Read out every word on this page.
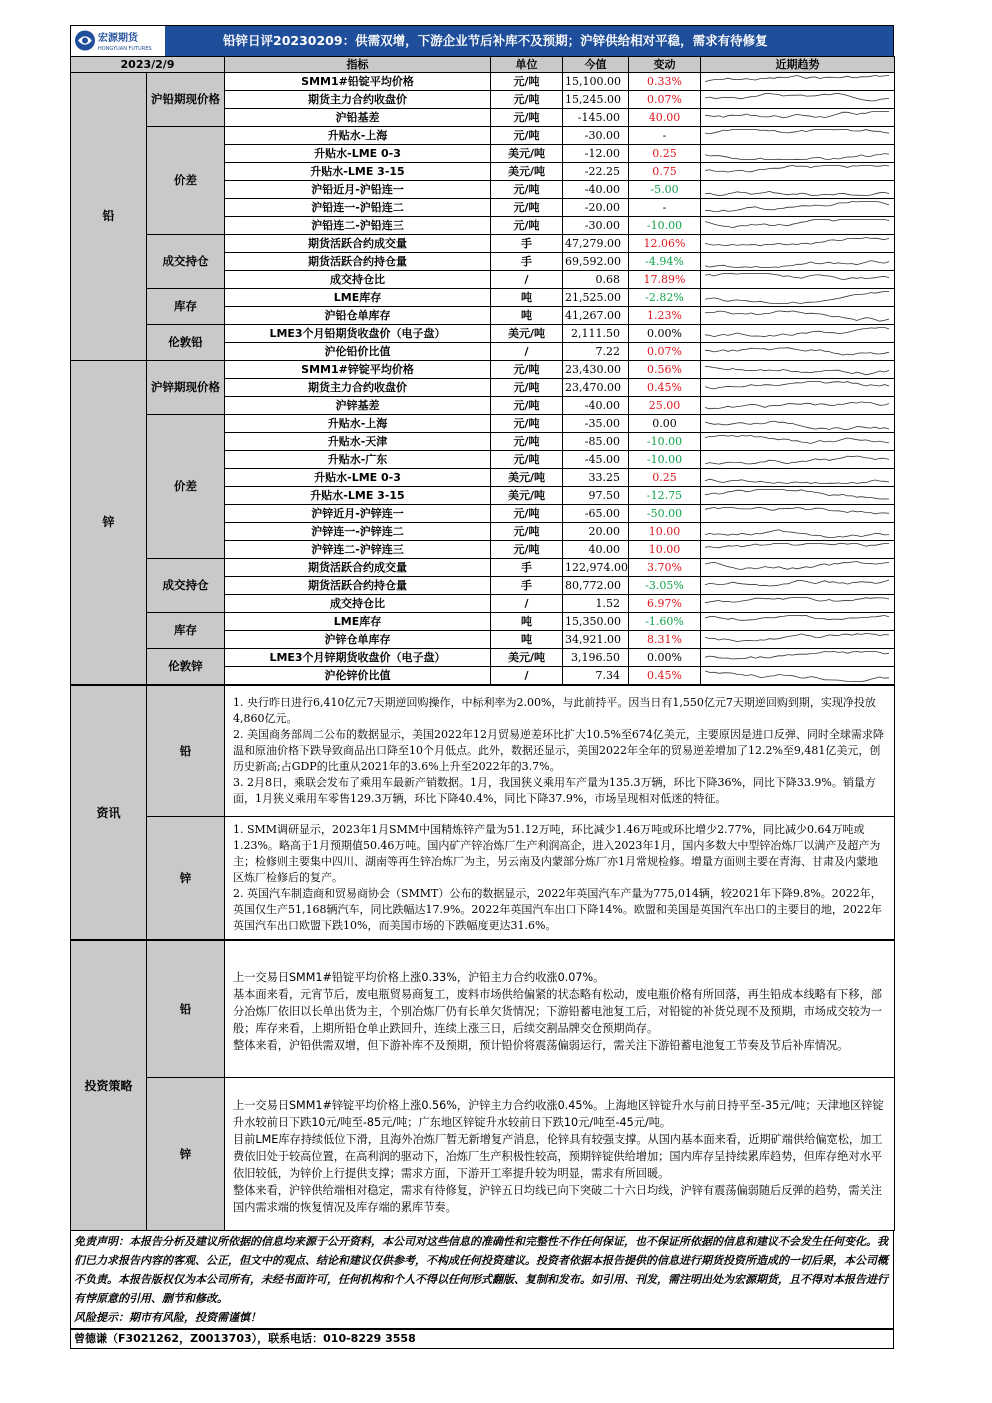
宏源期货
HONGYUAN FUTURES
铅锌日评20230209：供需双增，下游企业节后补库不及预期；沪锌供给相对平稳，需求有待修复
2023/2/9		指标	单位	今值	变动	近期趋势
铅	沪铅期现价格	SMM1#铅锭平均价格	元/吨	15,100.00	0.33%	

		期货主力合约收盘价	元/吨	15,245.00	0.07%	

		沪铅基差	元/吨	-145.00	40.00	

	价差	升贴水-上海	元/吨	-30.00	-	

		升贴水-LME 0-3	美元/吨	-12.00	0.25	

		升贴水-LME 3-15	美元/吨	-22.25	0.75	

		沪铅近月-沪铅连一	元/吨	-40.00	-5.00	

		沪铅连一-沪铅连二	元/吨	-20.00	-	

		沪铅连二-沪铅连三	元/吨	-30.00	-10.00	

	成交持仓	期货活跃合约成交量	手	47,279.00	12.06%	

		期货活跃合约持仓量	手	69,592.00	-4.94%	

		成交持仓比	/	0.68	17.89%	

	库存	LME库存	吨	21,525.00	-2.82%	

		沪铅仓单库存	吨	41,267.00	1.23%	

	伦敦铅	LME3个月铅期货收盘价（电子盘）	美元/吨	2,111.50	0.00%	

		沪伦铅价比值	/	7.22	0.07%	

锌	沪锌期现价格	SMM1#锌锭平均价格	元/吨	23,430.00	0.56%	

		期货主力合约收盘价	元/吨	23,470.00	0.45%	

		沪锌基差	元/吨	-40.00	25.00	

	价差	升贴水-上海	元/吨	-35.00	0.00	

		升贴水-天津	元/吨	-85.00	-10.00	

		升贴水-广东	元/吨	-45.00	-10.00	

		升贴水-LME 0-3	美元/吨	33.25	0.25	

		升贴水-LME 3-15	美元/吨	97.50	-12.75	

		沪锌近月-沪锌连一	元/吨	-65.00	-50.00	

		沪锌连一-沪锌连二	元/吨	20.00	10.00	

		沪锌连二-沪锌连三	元/吨	40.00	10.00	

	成交持仓	期货活跃合约成交量	手	122,974.00	3.70%	

		期货活跃合约持仓量	手	80,772.00	-3.05%	

		成交持仓比	/	1.52	6.97%	

	库存	LME库存	吨	15,350.00	-1.60%	

		沪锌仓单库存	吨	34,921.00	8.31%	

	伦敦锌	LME3个月锌期货收盘价（电子盘）	美元/吨	3,196.50	0.00%	

		沪伦锌价比值	/	7.34	0.45%	
资讯	铅	1. 央行昨日进行6,410亿元7天期逆回购操作，中标利率为2.00%，与此前持平。因当日有1,550亿元7天期逆回购到期，实现净投放4,860亿元。

2. 美国商务部周二公布的数据显示，美国2022年12月贸易逆差环比扩大10.5%至674亿美元，主要原因是进口反弹、同时全球需求降温和原油价格下跌导致商品出口降至10个月低点。此外，数据还显示，美国2022年全年的贸易逆差增加了12.2%至9,481亿美元，创历史新高;占GDP的比重从2021年的3.6%上升至2022年的3.7%。

3. 2月8日，乘联会发布了乘用车最新产销数据。1月，我国狭义乘用车产量为135.3万辆，环比下降36%，同比下降33.9%。销量方面，1月狭义乘用车零售129.3万辆，环比下降40.4%，同比下降37.9%，市场呈现相对低迷的特征。

	锌	1. SMM调研显示，2023年1月SMM中国精炼锌产量为51.12万吨，环比减少1.46万吨或环比增少2.77%，同比减少0.64万吨或1.23%。略高于1月预期值50.46万吨。国内矿产锌冶炼厂生产利润高企，进入2023年1月，国内多数大中型锌冶炼厂以满产及超产为主；检修则主要集中四川、湖南等再生锌冶炼厂为主，另云南及内蒙部分炼厂亦1月常规检修。增量方面则主要在青海、甘肃及内蒙地区炼厂检修后的复产。

2. 英国汽车制造商和贸易商协会（SMMT）公布的数据显示，2022年英国汽车产量为775,014辆，较2021年下降9.8%。2022年，英国仅生产51,168辆汽车，同比跌幅达17.9%。2022年英国汽车出口下降14%。欧盟和美国是英国汽车出口的主要目的地，2022年英国汽车出口欧盟下跌10%，而美国市场的下跌幅度更达31.6%。

投资策略	铅	上一交易日SMM1#铅锭平均价格上涨0.33%，沪铅主力合约收涨0.07%。

基本面来看，元宵节后，废电瓶贸易商复工，废料市场供给偏紧的状态略有松动，废电瓶价格有所回落，再生铅成本线略有下移，部分冶炼厂依旧以长单出货为主，个别冶炼厂仍有长单欠货情况；下游铅蓄电池复工后，对铅锭的补货兑现不及预期，市场成交较为一般；库存来看，上期所铅仓单止跌回升，连续上涨三日，后续交割品牌交仓预期尚存。

整体来看，沪铅供需双增，但下游补库不及预期，预计铅价将震荡偏弱运行，需关注下游铅蓄电池复工节奏及节后补库情况。

	锌	上一交易日SMM1#锌锭平均价格上涨0.56%，沪锌主力合约收涨0.45%。上海地区锌锭升水与前日持平至-35元/吨；天津地区锌锭升水较前日下跌10元/吨至-85元/吨；广东地区锌锭升水较前日下跌10元/吨至-45元/吨。

目前LME库存持续低位下滑，且海外冶炼厂暂无新增复产消息，伦锌具有较强支撑。从国内基本面来看，近期矿端供给偏宽松，加工费依旧处于较高位置，在高利润的驱动下，冶炼厂生产积极性较高，预期锌锭供给增加；国内库存呈持续累库趋势，但库存绝对水平依旧较低，为锌价上行提供支撑；需求方面，下游开工率提升较为明显，需求有所回暖。

整体来看，沪锌供给端相对稳定，需求有待修复，沪锌五日均线已向下突破二十六日均线，沪锌有震荡偏弱随后反弹的趋势，需关注国内需求端的恢复情况及库存端的累库节奏。

免责声明：本报告分析及建议所依据的信息均来源于公开资料，本公司对这些信息的准确性和完整性不作任何保证，也不保证所依据的信息和建议不会发生任何变化。我们已力求报告内容的客观、公正，但文中的观点、结论和建议仅供参考，不构成任何投资建议。投资者依据本报告提供的信息进行期货投资所造成的一切后果，本公司概不负责。本报告版权仅为本公司所有，未经书面许可，任何机构和个人不得以任何形式翻版、复制和发布。如引用、刊发，需注明出处为宏源期货，且不得对本报告进行有悖原意的引用、删节和修改。
风险提示：期市有风险，投资需谨慎！
曾德谦（F3021262，Z0013703），联系电话：010-8229 3558
